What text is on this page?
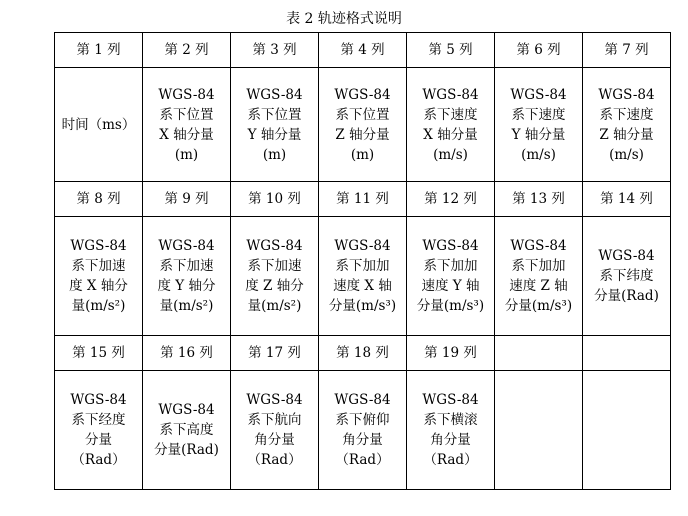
表 2 轨迹格式说明
第 1 列	第 2 列	第 3 列	第 4 列	第 5 列	第 6 列	第 7 列

时间（ms）	WGS-84
系下位置
X 轴分量
(m)	WGS-84
系下位置
Y 轴分量
(m)	WGS-84
系下位置
Z 轴分量
(m)	WGS-84
系下速度
X 轴分量
(m/s)	WGS-84
系下速度
Y 轴分量
(m/s)	WGS-84
系下速度
Z 轴分量
(m/s)

第 8 列	第 9 列	第 10 列	第 11 列	第 12 列	第 13 列	第 14 列

WGS-84
系下加速
度 X 轴分
量(m/s²)	WGS-84
系下加速
度 Y 轴分
量(m/s²)	WGS-84
系下加速
度 Z 轴分
量(m/s²)	WGS-84
系下加加
速度 X 轴
分量(m/s³)	WGS-84
系下加加
速度 Y 轴
分量(m/s³)	WGS-84
系下加加
速度 Z 轴
分量(m/s³)	WGS-84
系下纬度
分量(Rad)

第 15 列	第 16 列	第 17 列	第 18 列	第 19 列		

WGS-84
系下经度
分量
（Rad）	WGS-84
系下高度
分量(Rad)	WGS-84
系下航向
角分量
（Rad）	WGS-84
系下俯仰
角分量
（Rad）	WGS-84
系下横滚
角分量
（Rad）		
